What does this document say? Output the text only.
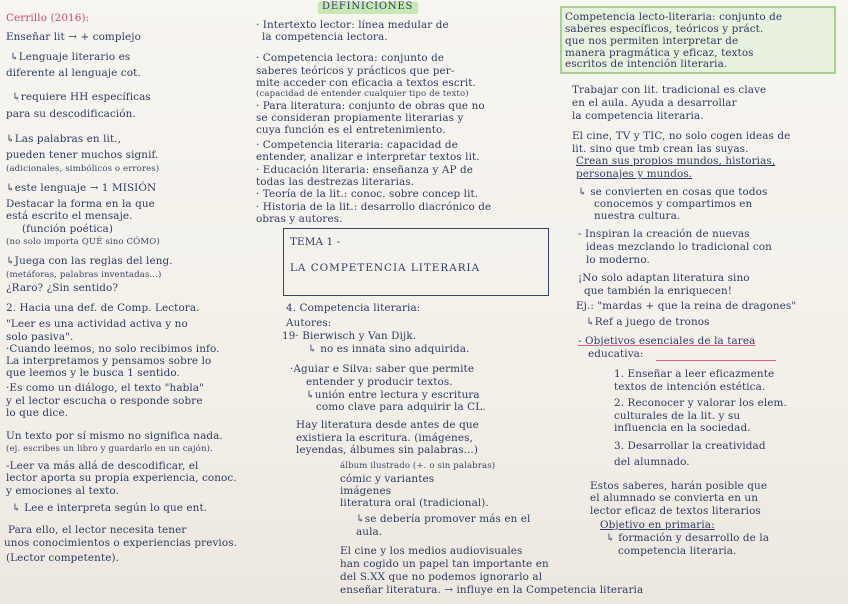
DEFINICIONES
Cerrillo (2016):
Enseñar lit → + complejo
↳Lenguaje literario es
diferente al lenguaje cot.
↳requiere HH específicas
para su descodificación.
↳Las palabras en lit.,
pueden tener muchos signif.
(adicionales, simbólicos o errores)
↳este lenguaje → 1 MISIÓN
Destacar la forma en la que
está escrito el mensaje.
(función poética)
(no solo importa QUÉ sino CÓMO)
↳Juega con las reglas del leng.
(metáforas, palabras inventadas...)
¿Raro? ¿Sin sentido?
2. Hacia una def. de Comp. Lectora.
"Leer es una actividad activa y no
solo pasiva".
·Cuando leemos, no solo recibimos info.
La interpretamos y pensamos sobre lo
que leemos y le busca 1 sentido.
·Es como un diálogo, el texto "habla"
y el lector escucha o responde sobre
lo que dice.
Un texto por sí mismo no significa nada.
(ej. escribes un libro y guardarlo en un cajón).
-Leer va más allá de descodificar, el
lector aporta su propia experiencia, conoc.
y emociones al texto.
↳ Lee e interpreta según lo que ent.
Para ello, el lector necesita tener
unos conocimientos o experiencias previos.
(Lector competente).
· Intertexto lector: línea medular de
la competencia lectora.
· Competencia lectora: conjunto de
saberes teóricos y prácticos que per-
mite acceder con eficacia a textos escrit.
(capacidad de entender cualquier tipo de texto)
· Para literatura: conjunto de obras que no
se consideran propiamente literarias y
cuya función es el entretenimiento.
· Competencia literaria: capacidad de
entender, analizar e interpretar textos lit.
· Educación literaria: enseñanza y AP de
todas las destrezas literarias.
· Teoría de la lit.: conoc. sobre concep lit.
· Historia de la lit.: desarrollo diacrónico de
obras y autores.
TEMA 1 -
LA COMPETENCIA LITERARIA
4. Competencia literaria:
Autores:
19· Bierwisch y Van Dijk.
↳ no es innata sino adquirida.
·Aguiar e Silva: saber que permite
entender y producir textos.
↳unión entre lectura y escritura
como clave para adquirir la CL.
Hay literatura desde antes de que
existiera la escritura. (imágenes,
leyendas, álbumes sin palabras...)
álbum ilustrado (+. o sin palabras)
cómic y variantes
imágenes
literatura oral (tradicional).
↳se debería promover más en el
aula.
El cine y los medios audiovisuales
han cogido un papel tan importante en
del S.XX que no podemos ignorarlo al
enseñar literatura. → influye en la Competencia literaria
Competencia lecto-literaria: conjunto de
saberes específicos, teóricos y práct.
que nos permiten interpretar de
manera pragmática y eficaz, textos
escritos de intención literaria.
Trabajar con lit. tradicional es clave
en el aula. Ayuda a desarrollar
la competencia literaria.
El cine, TV y TIC, no solo cogen ideas de
lit. sino que tmb crean las suyas.
Crean sus propios mundos, historias,
personajes y mundos.
↳ se convierten en cosas que todos
conocemos y compartimos en
nuestra cultura.
- Inspiran la creación de nuevas
ideas mezclando lo tradicional con
lo moderno.
¡No solo adaptan literatura sino
que también la enriquecen!
Ej.: "mardas + que la reina de dragones"
↳Ref a juego de tronos
- Objetivos esenciales de la tarea
educativa:
1. Enseñar a leer eficazmente
textos de intención estética.
2. Reconocer y valorar los elem.
culturales de la lit. y su
influencia en la sociedad.
3. Desarrollar la creatividad
del alumnado.
Estos saberes, harán posible que
el alumnado se convierta en un
lector eficaz de textos literarios
Objetivo en primaria:
↳ formación y desarrollo de la
competencia literaria.
